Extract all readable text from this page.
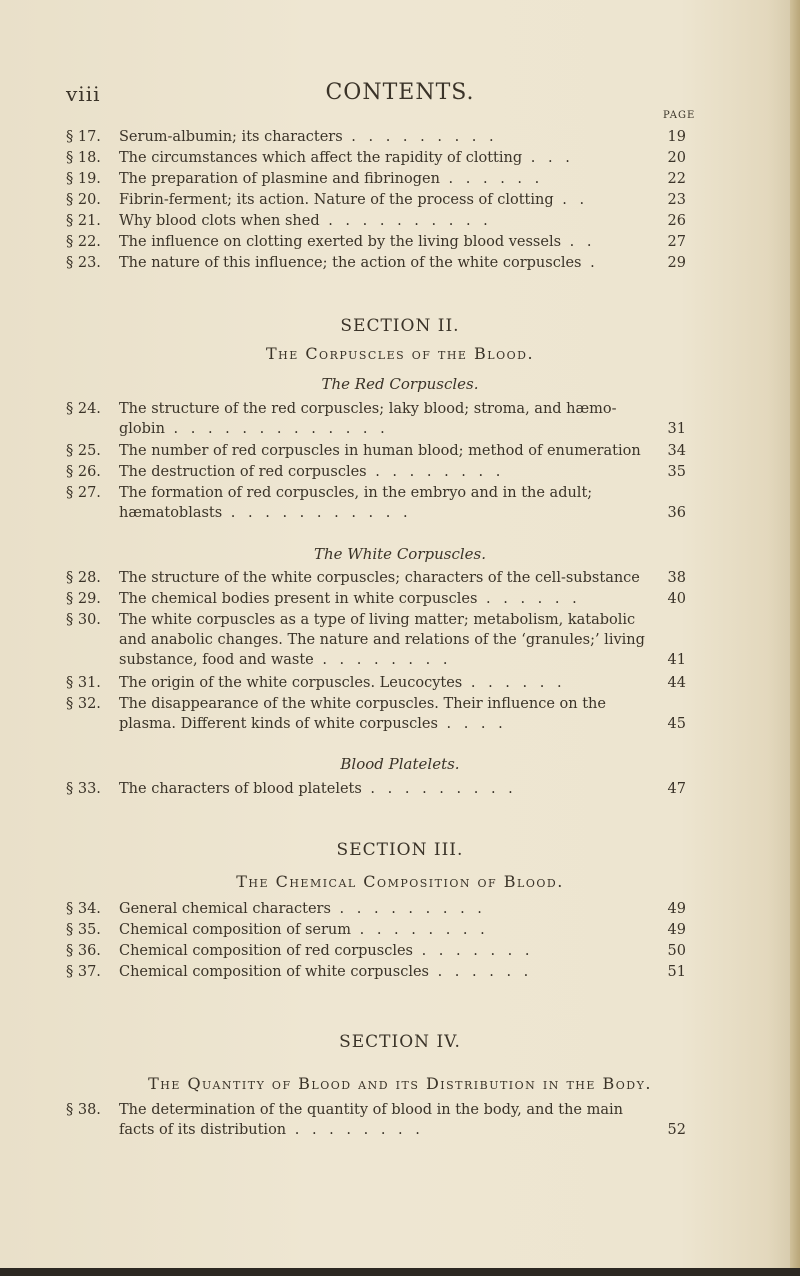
viii	CONTENTS.
PAGE
§ 17.	Serum-albumin; its characters . . . . . . . . .	19
§ 18.	The circumstances which affect the rapidity of clotting . . .	20
§ 19.	The preparation of plasmine and fibrinogen . . . . . .	22
§ 20.	Fibrin-ferment; its action. Nature of the process of clotting . .	23
§ 21.	Why blood clots when shed . . . . . . . . . .	26
§ 22.	The influence on clotting exerted by the living blood vessels . .	27
§ 23.	The nature of this influence; the action of the white corpuscles .	29
SECTION II.
The Corpuscles of the Blood.
The Red Corpuscles.
§ 24.	The structure of the red corpuscles; laky blood; stroma, and hæmo-globin . . . . . . . . . . . . .	31
§ 25.	The number of red corpuscles in human blood; method of enumeration	34
§ 26.	The destruction of red corpuscles . . . . . . . .	35
§ 27.	The formation of red corpuscles, in the embryo and in the adult; hæmatoblasts . . . . . . . . . . .	36
The White Corpuscles.
§ 28.	The structure of the white corpuscles; characters of the cell-substance	38
§ 29.	The chemical bodies present in white corpuscles . . . . . .	40
§ 30.	The white corpuscles as a type of living matter; metabolism, katabolic and anabolic changes. The nature and relations of the ‘granules;’ living substance, food and waste . . . . . . . .	41
§ 31.	The origin of the white corpuscles. Leucocytes . . . . . .	44
§ 32.	The disappearance of the white corpuscles. Their influence on the plasma. Different kinds of white corpuscles . . . .	45
Blood Platelets.
§ 33.	The characters of blood platelets . . . . . . . . .	47
SECTION III.
The Chemical Composition of Blood.
§ 34.	General chemical characters . . . . . . . . .	49
§ 35.	Chemical composition of serum . . . . . . . .	49
§ 36.	Chemical composition of red corpuscles . . . . . . .	50
§ 37.	Chemical composition of white corpuscles . . . . . .	51
SECTION IV.
The Quantity of Blood and its Distribution in the Body.
§ 38.	The determination of the quantity of blood in the body, and the main facts of its distribution . . . . . . . .	52
